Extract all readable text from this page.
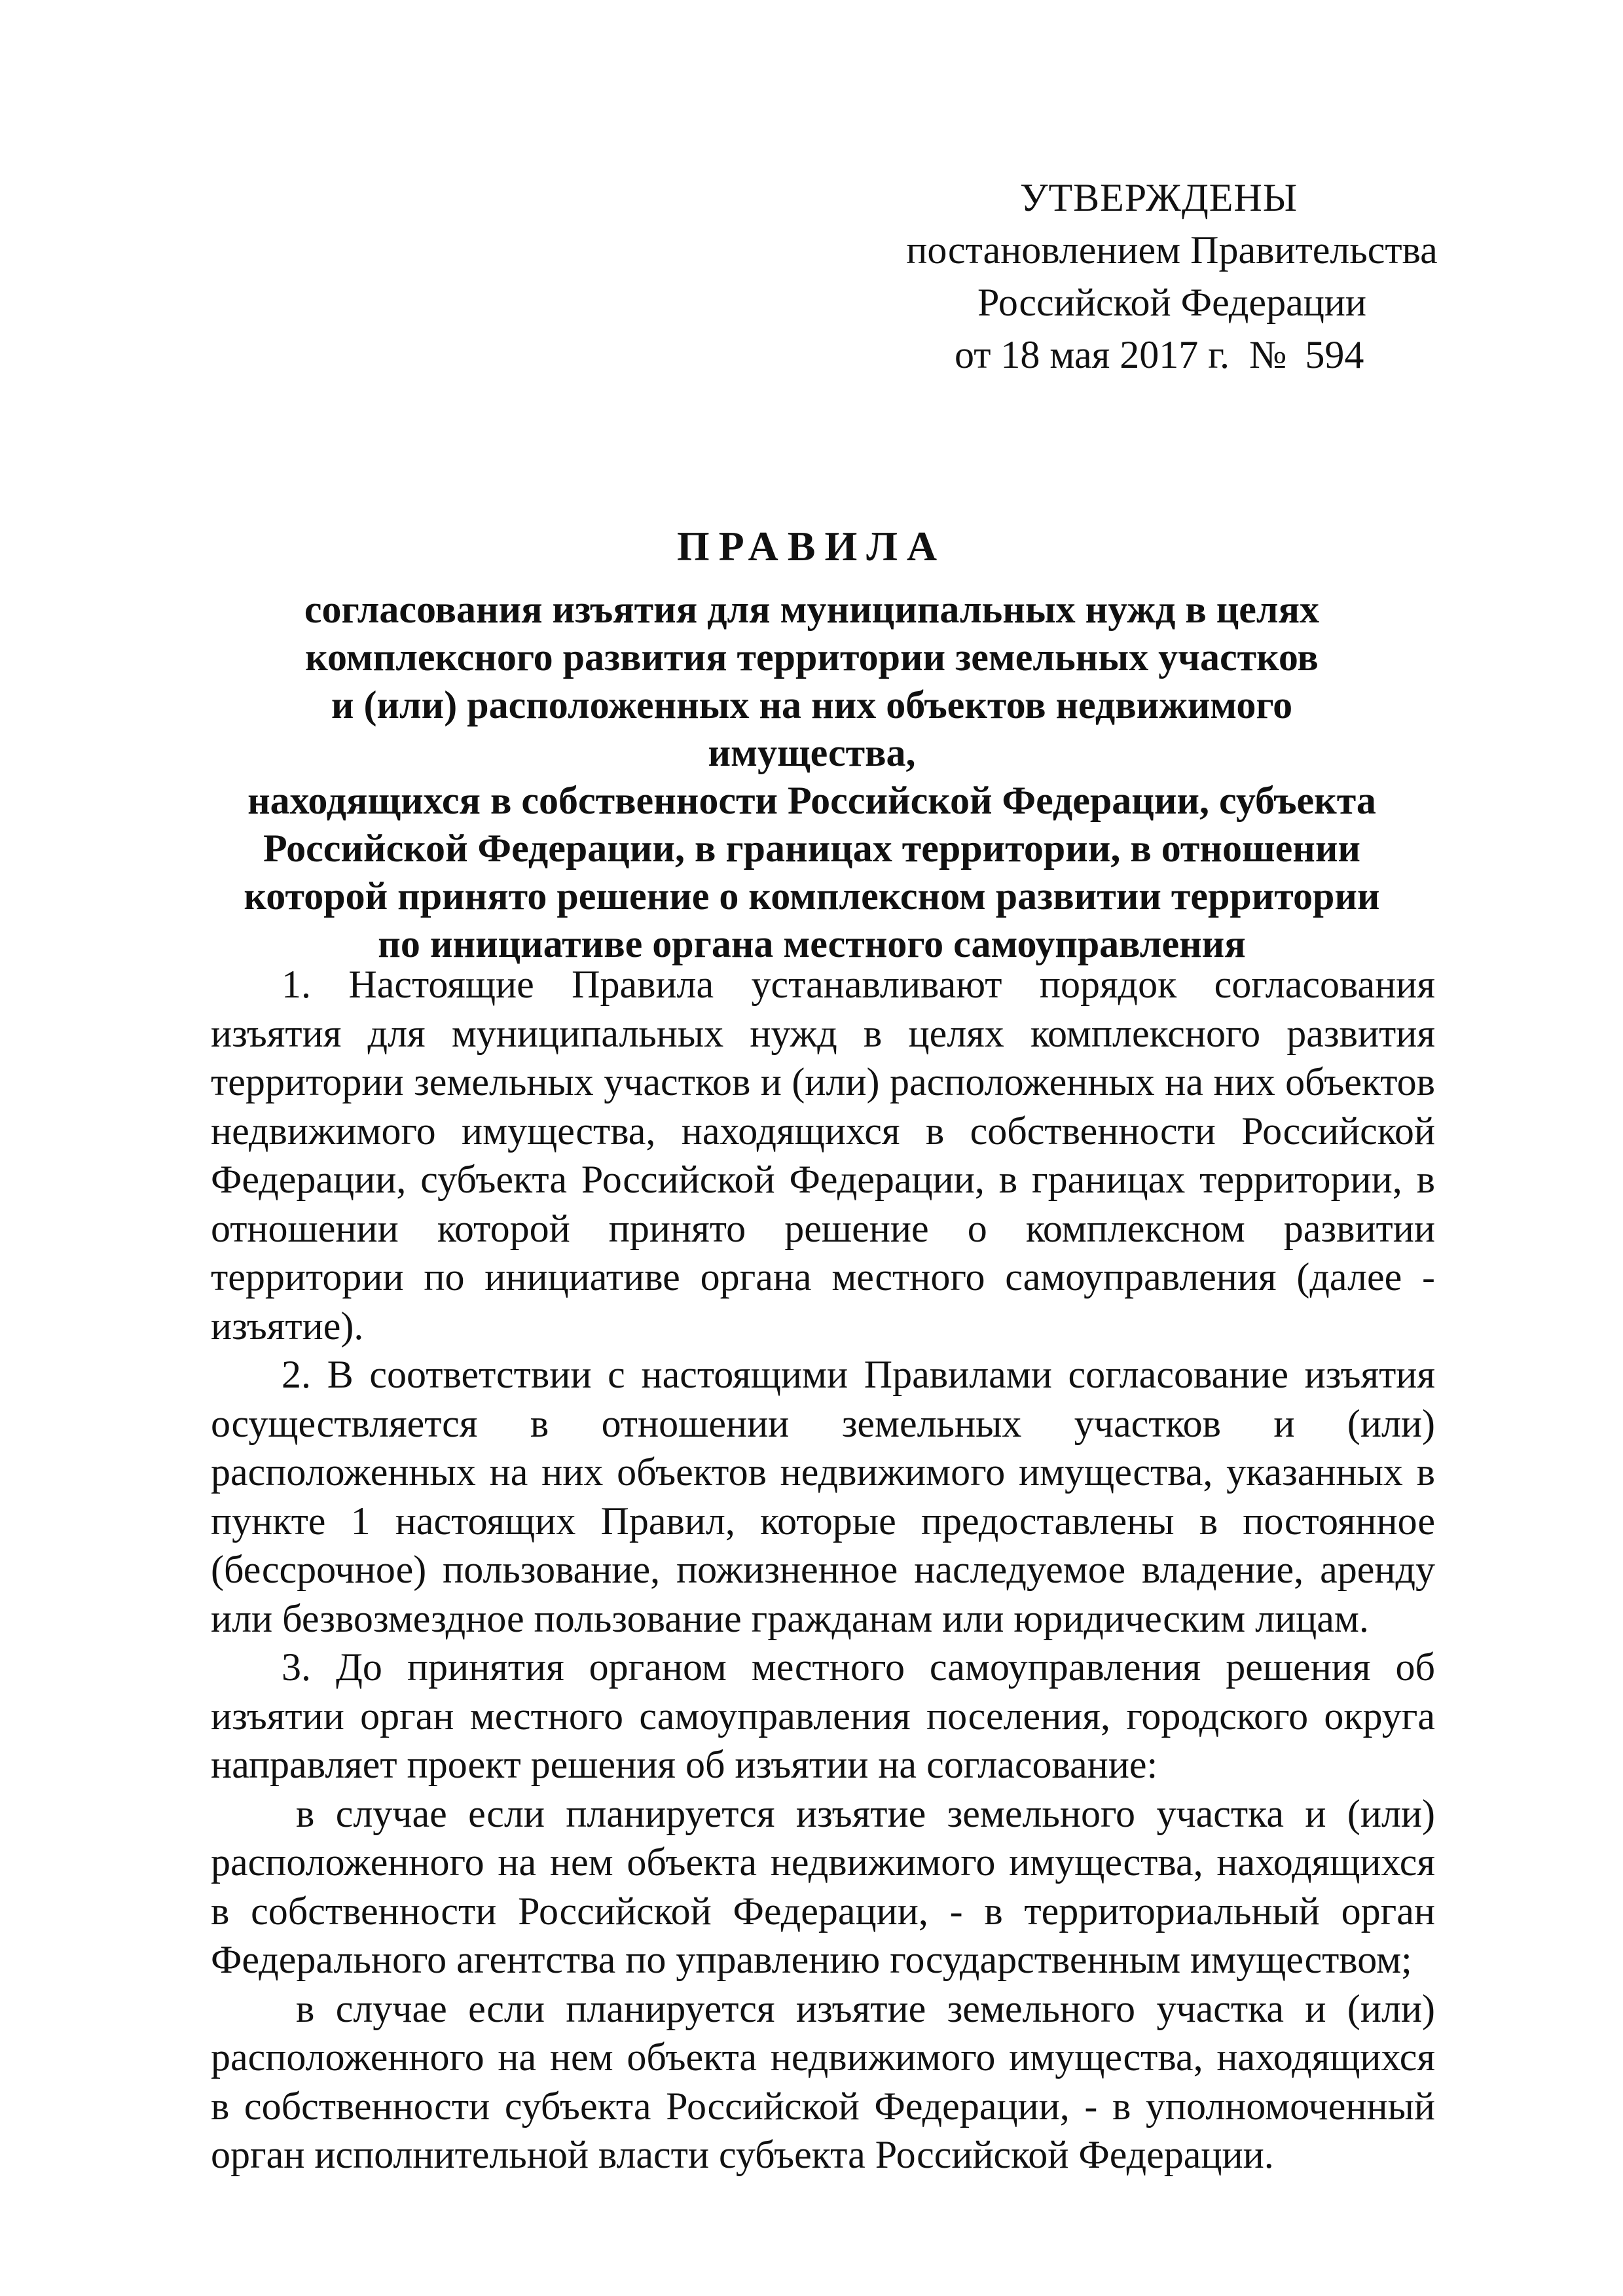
УТВЕРЖДЕНЫ
постановлением Правительства
Российской Федерации
от 18 мая 2017 г. № 594
ПРАВИЛА
согласования изъятия для муниципальных нужд в целях
комплексного развития территории земельных участков
и (или) расположенных на них объектов недвижимого имущества,
находящихся в собственности Российской Федерации, субъекта
Российской Федерации, в границах территории, в отношении
которой принято решение о комплексном развитии территории
по инициативе органа местного самоуправления

1. Настоящие Правила устанавливают порядок согласования изъятия для муниципальных нужд в целях комплексного развития территории земельных участков и (или) расположенных на них объектов недвижимого имущества, находящихся в собственности Российской Федерации, субъекта Российской Федерации, в границах территории, в отношении которой принято решение о комплексном развитии территории по инициативе органа местного самоуправления (далее - изъятие).

2. В соответствии с настоящими Правилами согласование изъятия осуществляется в отношении земельных участков и (или) расположенных на них объектов недвижимого имущества, указанных в пункте 1 настоящих Правил, которые предоставлены в постоянное (бессрочное) пользование, пожизненное наследуемое владение, аренду или безвозмездное пользование гражданам или юридическим лицам.

3. До принятия органом местного самоуправления решения об изъятии орган местного самоуправления поселения, городского округа направляет проект решения об изъятии на согласование:

в случае если планируется изъятие земельного участка и (или) расположенного на нем объекта недвижимого имущества, находящихся в собственности Российской Федерации, - в территориальный орган Федерального агентства по управлению государственным имуществом;

в случае если планируется изъятие земельного участка и (или) расположенного на нем объекта недвижимого имущества, находящихся в собственности субъекта Российской Федерации, - в уполномоченный орган исполнительной власти субъекта Российской Федерации.
